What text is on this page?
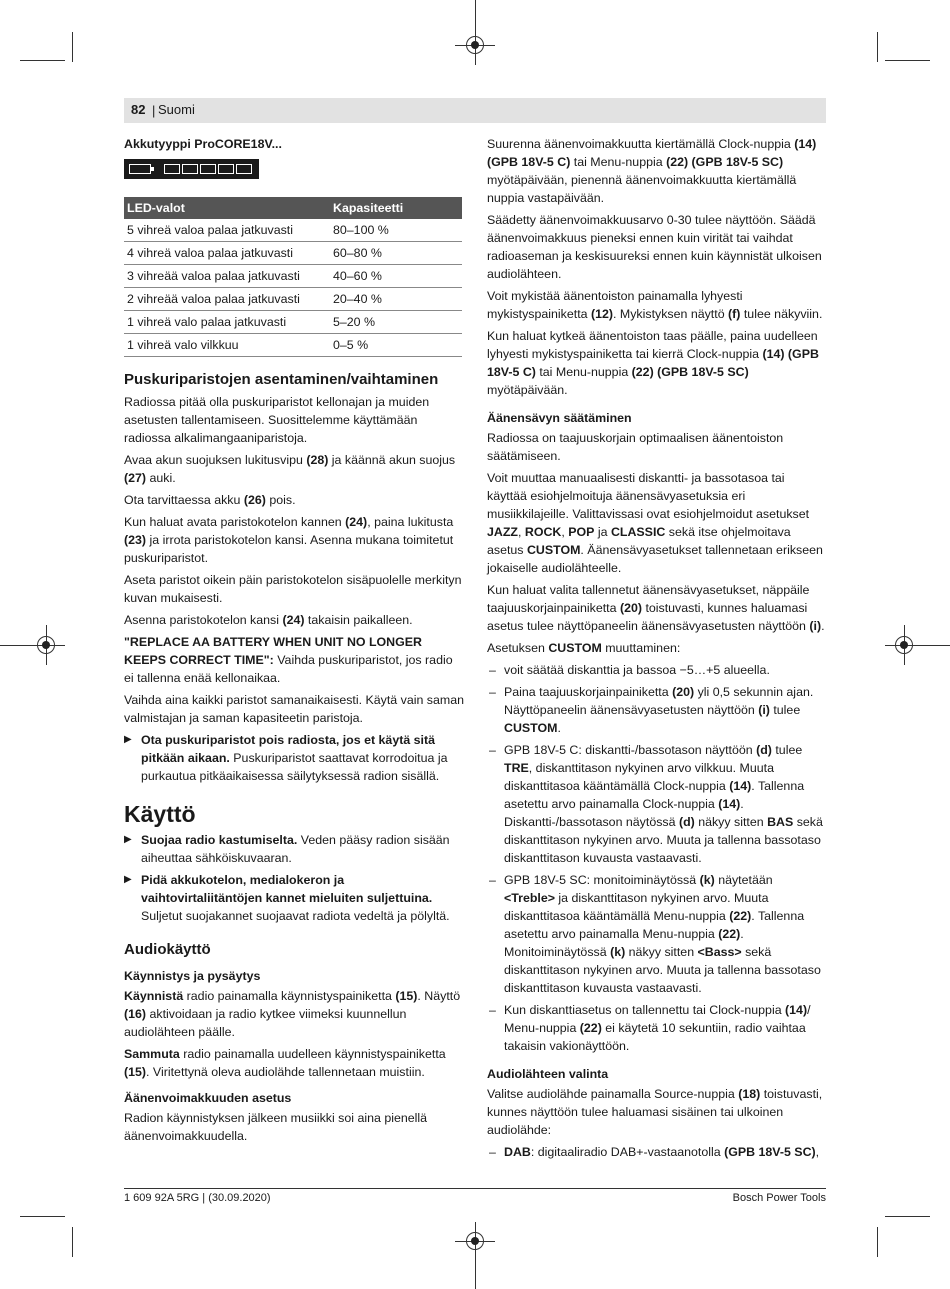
82 | Suomi
Akkutyyppi ProCORE18V...
LED-valot	Kapasiteetti
5 vihreä valoa palaa jatkuvasti	80–100 %
4 vihreä valoa palaa jatkuvasti	60–80 %
3 vihreää valoa palaa jatkuvasti	40–60 %
2 vihreää valoa palaa jatkuvasti	20–40 %
1 vihreä valo palaa jatkuvasti	5–20 %
1 vihreä valo vilkkuu	0–5 %
Puskuriparistojen asentaminen/vaihtaminen

Radiossa pitää olla puskuriparistot kellonajan ja muiden asetusten tallentamiseen. Suosittelemme käyttämään radiossa alkalimangaaniparistoja.

Avaa akun suojuksen lukitusvipu (28) ja käännä akun suojus (27) auki.

Ota tarvittaessa akku (26) pois.

Kun haluat avata paristokotelon kannen (24), paina lukitusta (23) ja irrota paristokotelon kansi. Asenna mukana toimitetut puskuriparistot.

Aseta paristot oikein päin paristokotelon sisäpuolelle merkityn kuvan mukaisesti.

Asenna paristokotelon kansi (24) takaisin paikalleen.

"REPLACE AA BATTERY WHEN UNIT NO LONGER KEEPS CORRECT TIME": Vaihda puskuriparistot, jos radio ei tallenna enää kellonaikaa.

Vaihda aina kaikki paristot samanaikaisesti. Käytä vain saman valmistajan ja saman kapasiteetin paristoja.

▶ Ota puskuriparistot pois radiosta, jos et käytä sitä pitkään aikaan. Puskuriparistot saattavat korrodoitua ja purkautua pitkäaikaisessa säilytyksessä radion sisällä.

Käyttö

▶ Suojaa radio kastumiselta. Veden pääsy radion sisään aiheuttaa sähköiskuvaaran.

▶ Pidä akkukotelon, medialokeron ja vaihtovirtaliitäntöjen kannet mieluiten suljettuina. Suljetut suojakannet suojaavat radiota vedeltä ja pölyltä.

Audiokäyttö
Käynnistys ja pysäytys

Käynnistä radio painamalla käynnistyspainiketta (15). Näyttö (16) aktivoidaan ja radio kytkee viimeksi kuunnellun audiolähteen päälle.

Sammuta radio painamalla uudelleen käynnistyspainiketta (15). Viritettynä oleva audiolähde tallennetaan muistiin.

Äänenvoimakkuuden asetus

Radion käynnistyksen jälkeen musiikki soi aina pienellä äänenvoimakkuudella.

Suurenna äänenvoimakkuutta kiertämällä Clock-nuppia (14) (GPB 18V-5 C) tai Menu-nuppia (22) (GPB 18V-5 SC) myötäpäivään, pienennä äänenvoimakkuutta kiertämällä nuppia vastapäivään.

Säädetty äänenvoimakkuusarvo 0-30 tulee näyttöön. Säädä äänenvoimakkuus pieneksi ennen kuin virität tai vaihdat radioaseman ja keskisuureksi ennen kuin käynnistät ulkoisen audiolähteen.

Voit mykistää äänentoiston painamalla lyhyesti mykistyspainiketta (12). Mykistyksen näyttö (f) tulee näkyviin.

Kun haluat kytkeä äänentoiston taas päälle, paina uudelleen lyhyesti mykistyspainiketta tai kierrä Clock-nuppia (14) (GPB 18V-5 C) tai Menu-nuppia (22) (GPB 18V-5 SC) myötäpäivään.

Äänensävyn säätäminen

Radiossa on taajuuskorjain optimaalisen äänentoiston säätämiseen.

Voit muuttaa manuaalisesti diskantti- ja bassotasoa tai käyttää esiohjelmoituja äänensävyasetuksia eri musiikkilajeille. Valittavissasi ovat esiohjelmoidut asetukset JAZZ, ROCK, POP ja CLASSIC sekä itse ohjelmoitava asetus CUSTOM. Äänensävyasetukset tallennetaan erikseen jokaiselle audiolähteelle.

Kun haluat valita tallennetut äänensävyasetukset, näppäile taajuuskorjainpainiketta (20) toistuvasti, kunnes haluamasi asetus tulee näyttöpaneelin äänensävyasetusten näyttöön (i).

Asetuksen CUSTOM muuttaminen:

– voit säätää diskanttia ja bassoa −5…+5 alueella.

– Paina taajuuskorjainpainiketta (20) yli 0,5 sekunnin ajan. Näyttöpaneelin äänensävyasetusten näyttöön (i) tulee CUSTOM.

– GPB 18V-5 C: diskantti-/bassotason näyttöön (d) tulee TRE, diskanttitason nykyinen arvo vilkkuu. Muuta diskanttitasoa kääntämällä Clock-nuppia (14). Tallenna asetettu arvo painamalla Clock-nuppia (14).
Diskantti-/bassotason näytössä (d) näkyy sitten BAS sekä diskanttitason nykyinen arvo. Muuta ja tallenna bassotaso diskanttitason kuvausta vastaavasti.

– GPB 18V-5 SC: monitoiminäytössä (k) näytetään <Treble> ja diskanttitason nykyinen arvo. Muuta diskanttitasoa kääntämällä Menu-nuppia (22). Tallenna asetettu arvo painamalla Menu-nuppia (22).
Monitoiminäytössä (k) näkyy sitten <Bass> sekä diskanttitason nykyinen arvo. Muuta ja tallenna bassotaso diskanttitason kuvausta vastaavasti.

– Kun diskanttiasetus on tallennettu tai Clock-nuppia (14)/ Menu-nuppia (22) ei käytetä 10 sekuntiin, radio vaihtaa takaisin vakionäyttöön.

Audiolähteen valinta

Valitse audiolähde painamalla Source-nuppia (18) toistuvasti, kunnes näyttöön tulee haluamasi sisäinen tai ulkoinen audiolähde:

– DAB: digitaaliradio DAB+-vastaanotolla (GPB 18V-5 SC),

1 609 92A 5RG | (30.09.2020)	Bosch Power Tools
